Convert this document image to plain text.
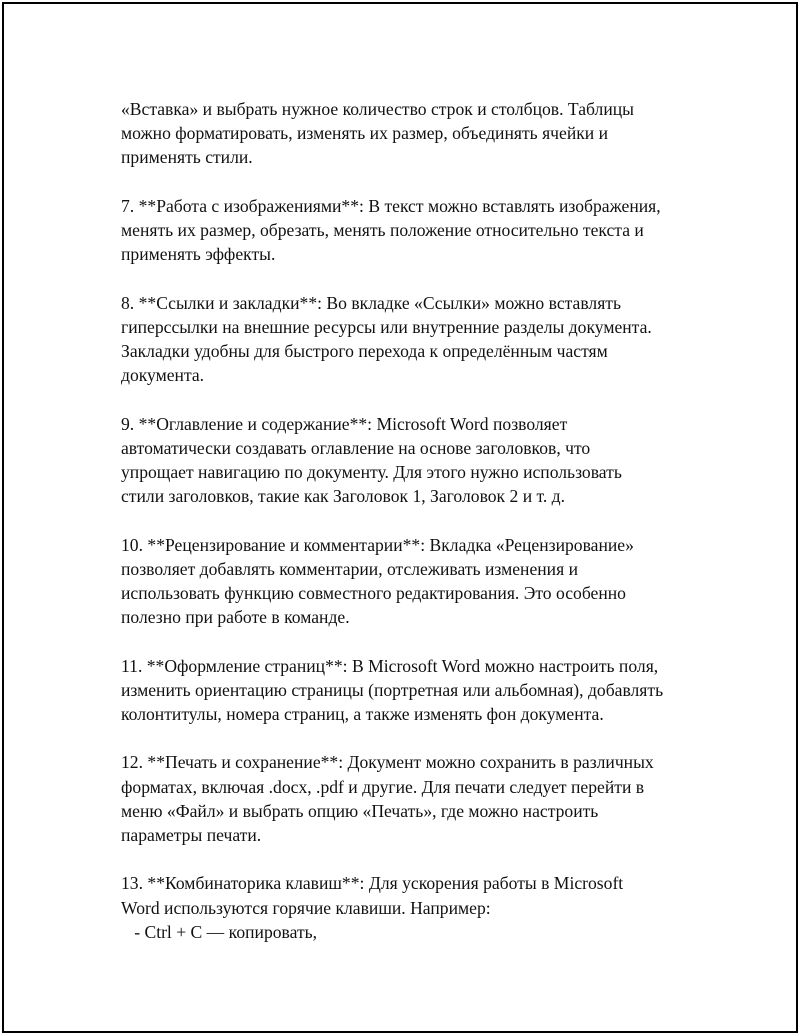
«Вставка» и выбрать нужное количество строк и столбцов. Таблицы
можно форматировать, изменять их размер, объединять ячейки и
применять стили.

7. **Работа с изображениями**: В текст можно вставлять изображения,
менять их размер, обрезать, менять положение относительно текста и
применять эффекты.

8. **Ссылки и закладки**: Во вкладке «Ссылки» можно вставлять
гиперссылки на внешние ресурсы или внутренние разделы документа.
Закладки удобны для быстрого перехода к определённым частям
документа.

9. **Оглавление и содержание**: Microsoft Word позволяет
автоматически создавать оглавление на основе заголовков, что
упрощает навигацию по документу. Для этого нужно использовать
стили заголовков, такие как Заголовок 1, Заголовок 2 и т. д.

10. **Рецензирование и комментарии**: Вкладка «Рецензирование»
позволяет добавлять комментарии, отслеживать изменения и
использовать функцию совместного редактирования. Это особенно
полезно при работе в команде.

11. **Оформление страниц**: В Microsoft Word можно настроить поля,
изменить ориентацию страницы (портретная или альбомная), добавлять
колонтитулы, номера страниц, а также изменять фон документа.

12. **Печать и сохранение**: Документ можно сохранить в различных
форматах, включая .docx, .pdf и другие. Для печати следует перейти в
меню «Файл» и выбрать опцию «Печать», где можно настроить
параметры печати.

13. **Комбинаторика клавиш**: Для ускорения работы в Microsoft
Word используются горячие клавиши. Например:
- Ctrl + C — копировать,
